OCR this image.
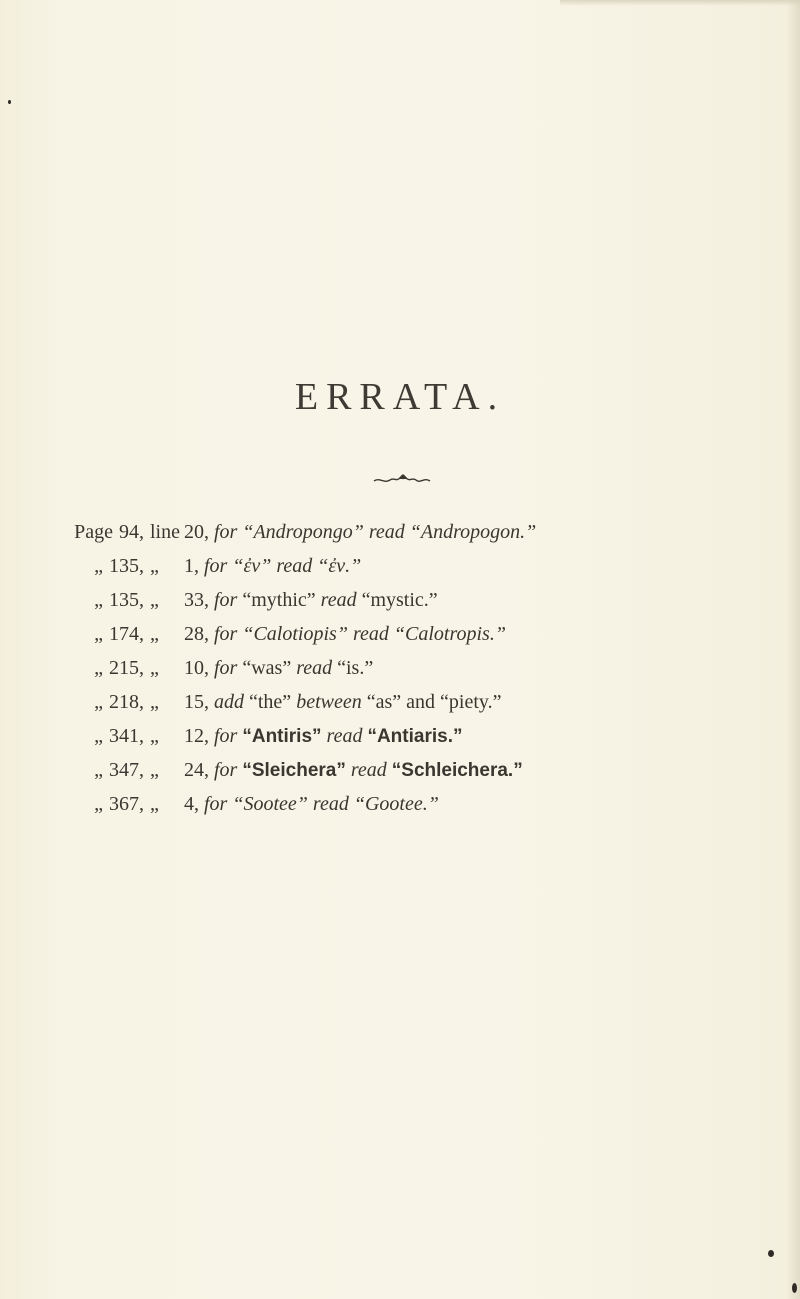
ERRATA.
Page 94, line 20, for “Andropongo” read “Andropogon.”
„ 135, „ 1, for “ἐν” read “ἐν.”
„ 135, „ 33, for “mythic” read “mystic.”
„ 174, „ 28, for “Calotiopis” read “Calotropis.”
„ 215, „ 10, for “was” read “is.”
„ 218, „ 15, add “the” between “as” and “piety.”
„ 341, „ 12, for “Antiris” read “Antiaris.”
„ 347, „ 24, for “Sleichera” read “Schleichera.”
„ 367, „ 4, for “Sootee” read “Gootee.”
